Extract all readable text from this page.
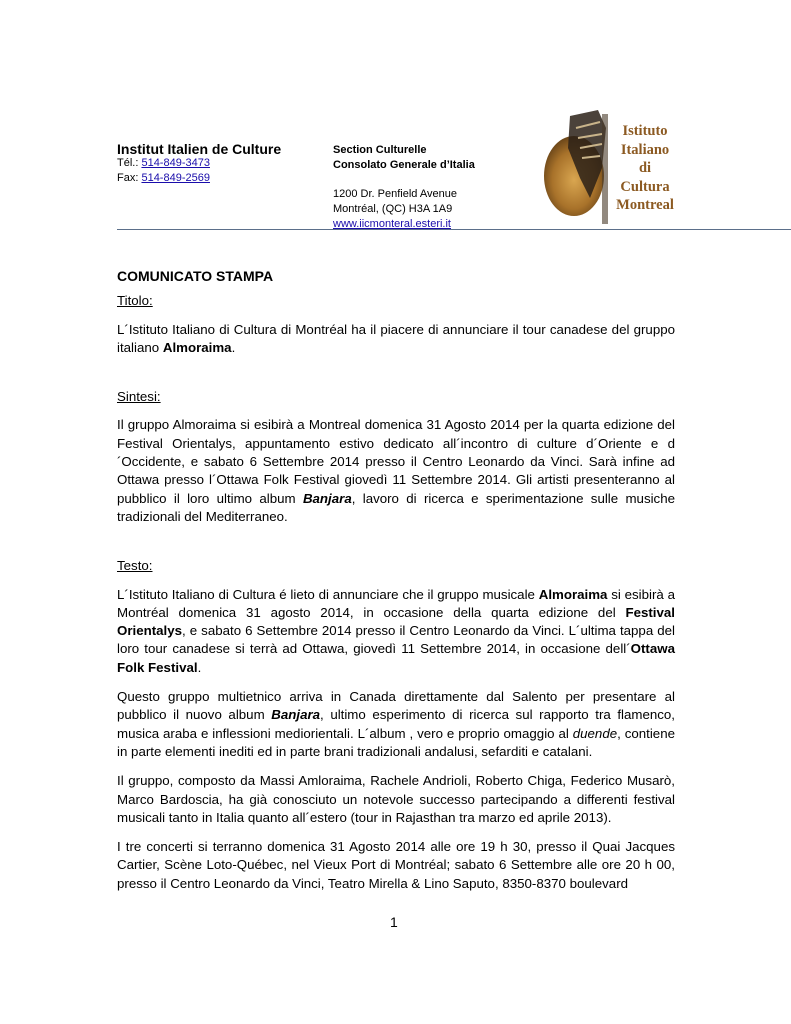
Institut Italien de Culture
Tél.: 514-849-3473
Fax: 514-849-2569
Section Culturelle
Consolato Generale d’Italia
1200 Dr. Penfield Avenue
Montréal, (QC) H3A 1A9
www.iicmonteral.esteri.it
Istituto
Italiano
di
Cultura
Montreal

COMUNICATO STAMPA

Titolo:

L´Istituto Italiano di Cultura di Montréal ha il piacere di annunciare il tour canadese del gruppo italiano Almoraima.

Sintesi:

Il gruppo Almoraima si esibirà a Montreal domenica 31 Agosto 2014 per la quarta edizione del Festival Orientalys, appuntamento estivo dedicato all´incontro di culture d´Oriente e d´Occidente, e sabato 6 Settembre 2014 presso il Centro Leonardo da Vinci. Sarà infine ad Ottawa presso l´Ottawa Folk Festival giovedì 11 Settembre 2014. Gli artisti presenteranno al pubblico il loro ultimo album Banjara, lavoro di ricerca e sperimentazione sulle musiche tradizionali del Mediterraneo.

Testo:

L´Istituto Italiano di Cultura é lieto di annunciare che il gruppo musicale Almoraima si esibirà a Montréal domenica 31 agosto 2014, in occasione della quarta edizione del Festival Orientalys, e sabato 6 Settembre 2014 presso il Centro Leonardo da Vinci. L´ultima tappa del loro tour canadese si terrà ad Ottawa, giovedì 11 Settembre 2014, in occasione dell´Ottawa Folk Festival.

Questo gruppo multietnico arriva in Canada direttamente dal Salento per presentare al pubblico il nuovo album Banjara, ultimo esperimento di ricerca sul rapporto tra flamenco, musica araba e inflessioni mediorientali. L´album , vero e proprio omaggio al duende, contiene in parte elementi inediti ed in parte brani tradizionali andalusi, sefarditi e catalani.

Il gruppo, composto da Massi Amloraima, Rachele Andrioli, Roberto Chiga, Federico Musarò, Marco Bardoscia, ha già conosciuto un notevole successo partecipando a differenti festival musicali tanto in Italia quanto all´estero (tour in Rajasthan tra marzo ed aprile 2013).

I tre concerti si terranno domenica 31 Agosto 2014 alle ore 19 h 30, presso il Quai Jacques Cartier, Scène Loto-Québec, nel Vieux Port di Montréal; sabato 6 Settembre alle ore 20 h 00, presso il Centro Leonardo da Vinci, Teatro Mirella & Lino Saputo, 8350-8370 boulevard

1
